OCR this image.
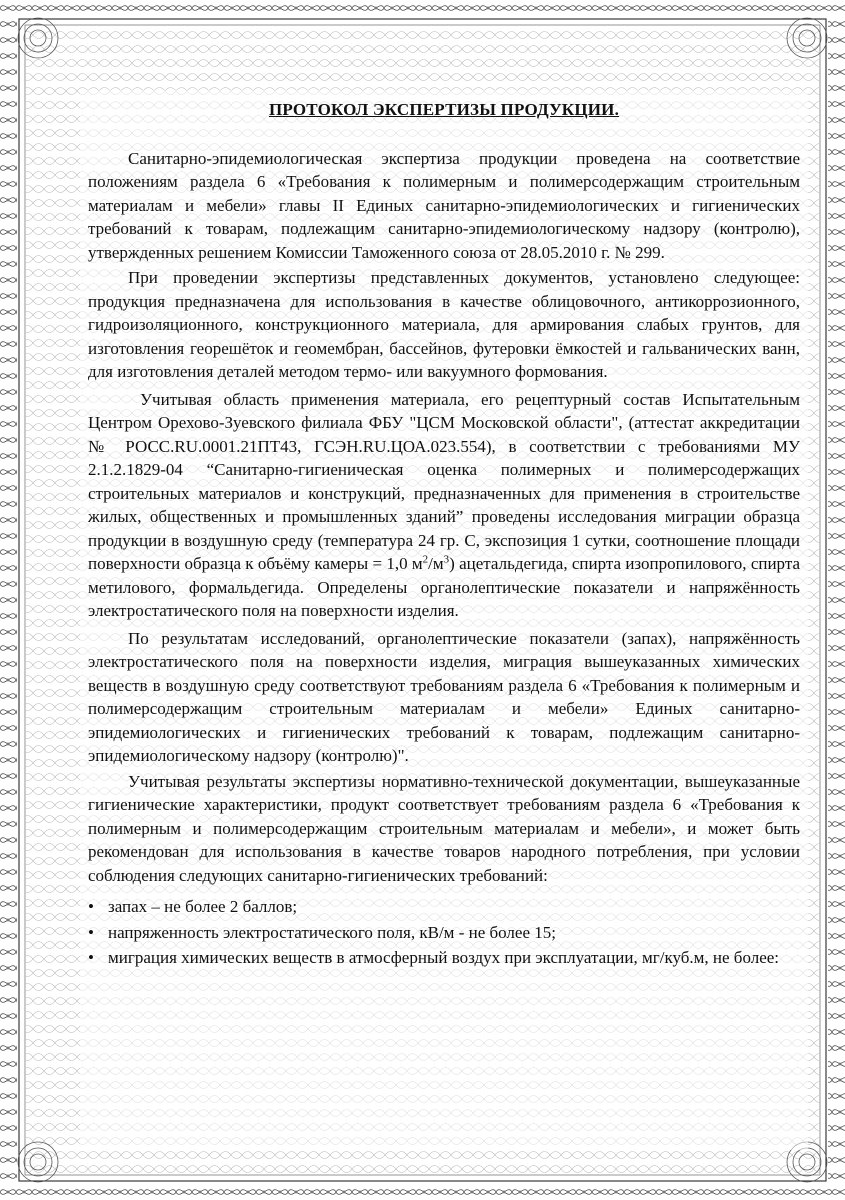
ПРОТОКОЛ ЭКСПЕРТИЗЫ ПРОДУКЦИИ.

Санитарно-эпидемиологическая экспертиза продукции проведена на соответствие положениям раздела 6 «Требования к полимерным и полимерсодержащим строительным материалам и мебели» главы II Единых санитарно-эпидемиологических и гигиенических требований к товарам, подлежащим санитарно-эпидемиологическому надзору (контролю), утвержденных решением Комиссии Таможенного союза от 28.05.2010 г. № 299.

При проведении экспертизы представленных документов, установлено следующее: продукция предназначена для использования в качестве облицовочного, антикоррозионного, гидроизоляционного, конструкционного материала, для армирования слабых грунтов, для изготовления георешёток и геомембран, бассейнов, футеровки ёмкостей и гальванических ванн, для изготовления деталей методом термо- или вакуумного формования.

Учитывая область применения материала, его рецептурный состав Испытательным Центром Орехово-Зуевского филиала ФБУ "ЦСМ Московской области", (аттестат аккредитации № РОСС.RU.0001.21ПТ43, ГСЭН.RU.ЦОА.023.554), в соответствии с требованиями МУ 2.1.2.1829-04 “Санитарно-гигиеническая оценка полимерных и полимерсодержащих строительных материалов и конструкций, предназначенных для применения в строительстве жилых, общественных и промышленных зданий” проведены исследования миграции образца продукции в воздушную среду (температура 24 гр. С, экспозиция 1 сутки, соотношение площади поверхности образца к объёму камеры = 1,0 $м^2/м^3$) ацетальдегида, спирта изопропилового, спирта метилового, формальдегида. Определены органолептические показатели и напряжённость электростатического поля на поверхности изделия.

По результатам исследований, органолептические показатели (запах), напряжённость электростатического поля на поверхности изделия, миграция вышеуказанных химических веществ в воздушную среду соответствуют требованиям раздела 6 «Требования к полимерным и полимерсодержащим строительным материалам и мебели» Единых санитарно-эпидемиологических и гигиенических требований к товарам, подлежащим санитарно-эпидемиологическому надзору (контролю)".

Учитывая результаты экспертизы нормативно-технической документации, вышеуказанные гигиенические характеристики, продукт соответствует требованиям раздела 6 «Требования к полимерным и полимерсодержащим строительным материалам и мебели», и может быть рекомендован для использования в качестве товаров народного потребления, при условии соблюдения следующих санитарно-гигиенических требований:

• запах – не более 2 баллов;
• напряженность электростатического поля, кВ/м - не более 15;
• миграция химических веществ в атмосферный воздух при эксплуатации, мг/куб.м, не более:
